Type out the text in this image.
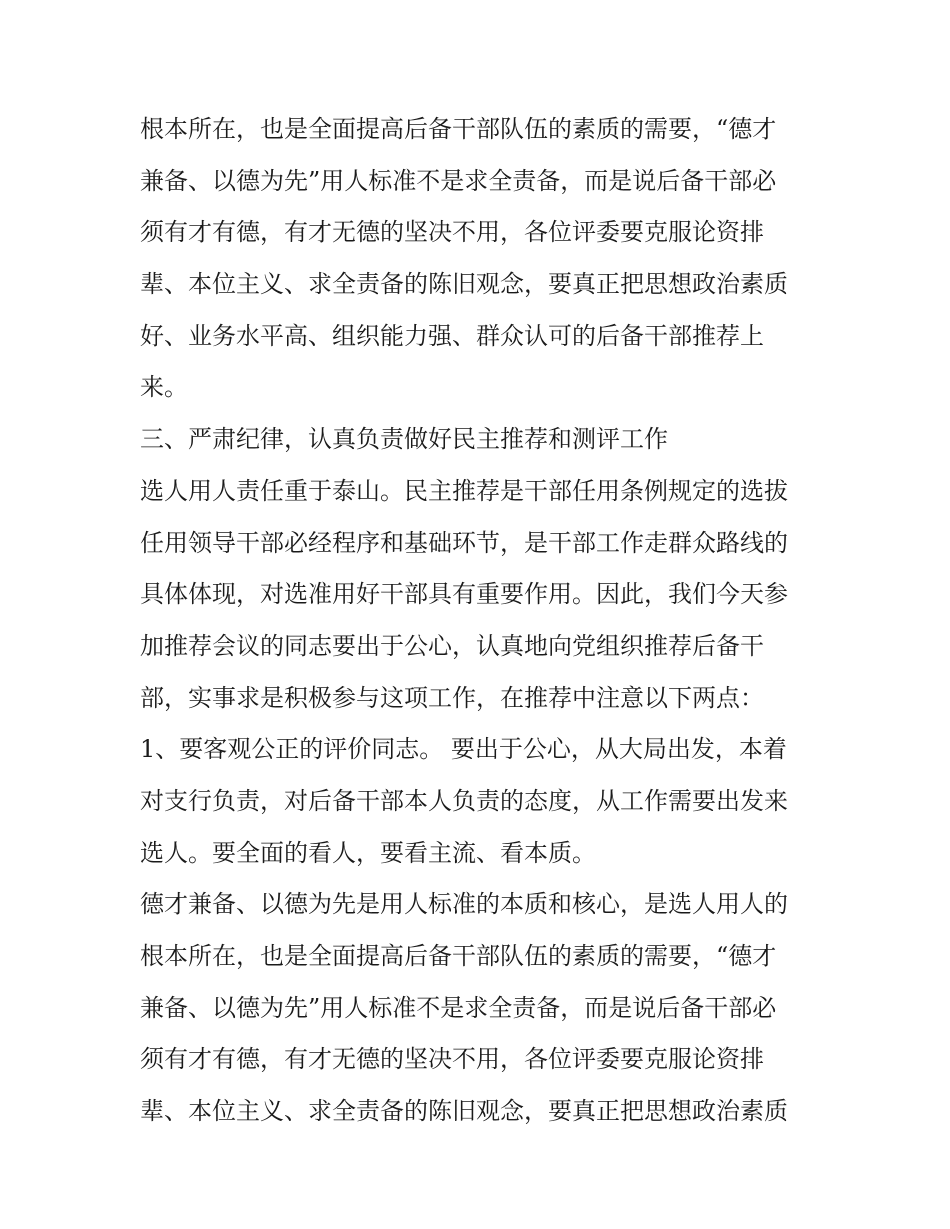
根本所在，也是全面提高后备干部队伍的素质的需要，“德才
兼备、以德为先”用人标准不是求全责备，而是说后备干部必
须有才有德，有才无德的坚决不用，各位评委要克服论资排
辈、本位主义、求全责备的陈旧观念，要真正把思想政治素质
好、业务水平高、组织能力强、群众认可的后备干部推荐上
来。
三、严肃纪律，认真负责做好民主推荐和测评工作
选人用人责任重于泰山。民主推荐是干部任用条例规定的选拔
任用领导干部必经程序和基础环节，是干部工作走群众路线的
具体体现，对选准用好干部具有重要作用。因此，我们今天参
加推荐会议的同志要出于公心，认真地向党组织推荐后备干
部，实事求是积极参与这项工作，在推荐中注意以下两点：
1、要客观公正的评价同志。 要出于公心，从大局出发，本着
对支行负责，对后备干部本人负责的态度，从工作需要出发来
选人。要全面的看人，要看主流、看本质。
德才兼备、以德为先是用人标准的本质和核心，是选人用人的
根本所在，也是全面提高后备干部队伍的素质的需要，“德才
兼备、以德为先”用人标准不是求全责备，而是说后备干部必
须有才有德，有才无德的坚决不用，各位评委要克服论资排
辈、本位主义、求全责备的陈旧观念，要真正把思想政治素质
